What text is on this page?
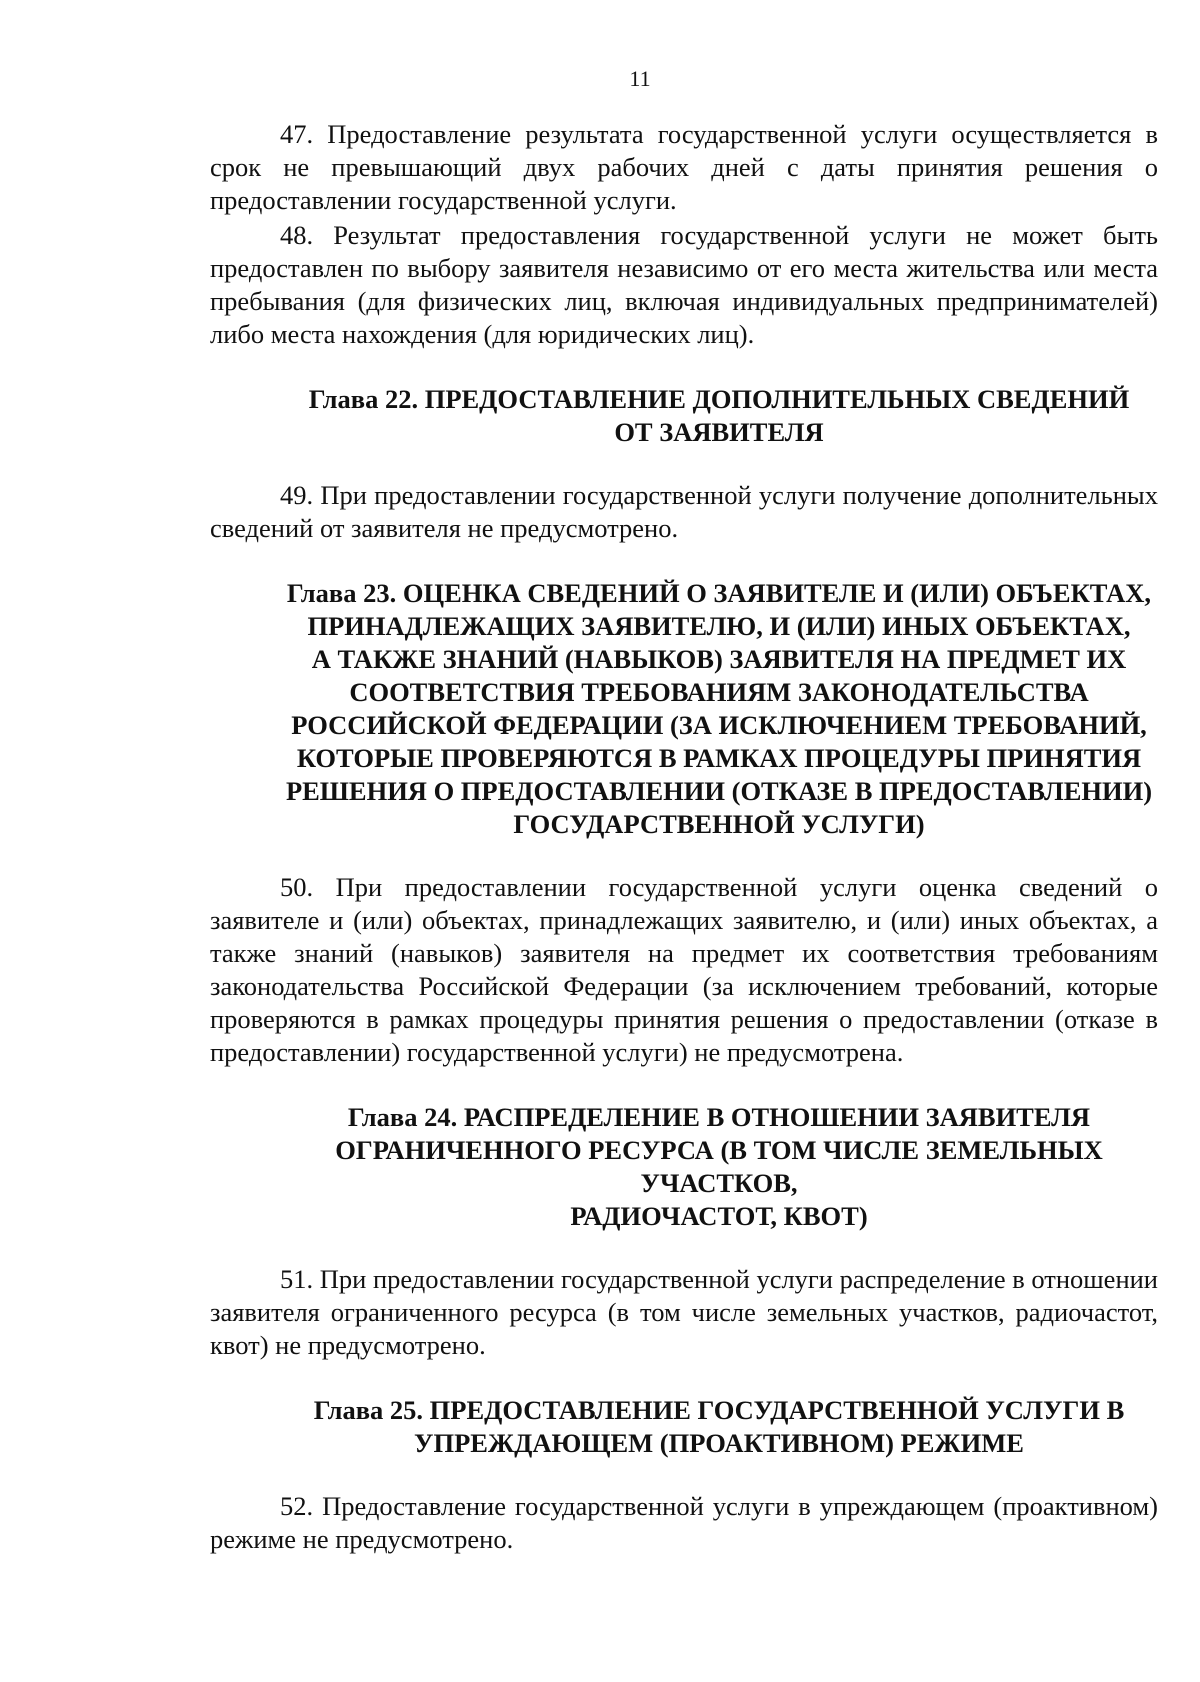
11

47. Предоставление результата государственной услуги осуществляется в срок не превышающий двух рабочих дней с даты принятия решения о предоставлении государственной услуги.

48. Результат предоставления государственной услуги не может быть предоставлен по выбору заявителя независимо от его места жительства или места пребывания (для физических лиц, включая индивидуальных предпринимателей) либо места нахождения (для юридических лиц).

Глава 22. ПРЕДОСТАВЛЕНИЕ ДОПОЛНИТЕЛЬНЫХ СВЕДЕНИЙ
ОТ ЗАЯВИТЕЛЯ

49. При предоставлении государственной услуги получение дополнительных сведений от заявителя не предусмотрено.

Глава 23. ОЦЕНКА СВЕДЕНИЙ О ЗАЯВИТЕЛЕ И (ИЛИ) ОБЪЕКТАХ,
ПРИНАДЛЕЖАЩИХ ЗАЯВИТЕЛЮ, И (ИЛИ) ИНЫХ ОБЪЕКТАХ,
А ТАКЖЕ ЗНАНИЙ (НАВЫКОВ) ЗАЯВИТЕЛЯ НА ПРЕДМЕТ ИХ
СООТВЕТСТВИЯ ТРЕБОВАНИЯМ ЗАКОНОДАТЕЛЬСТВА
РОССИЙСКОЙ ФЕДЕРАЦИИ (ЗА ИСКЛЮЧЕНИЕМ ТРЕБОВАНИЙ,
КОТОРЫЕ ПРОВЕРЯЮТСЯ В РАМКАХ ПРОЦЕДУРЫ ПРИНЯТИЯ
РЕШЕНИЯ О ПРЕДОСТАВЛЕНИИ (ОТКАЗЕ В ПРЕДОСТАВЛЕНИИ)
ГОСУДАРСТВЕННОЙ УСЛУГИ)

50. При предоставлении государственной услуги оценка сведений о заявителе и (или) объектах, принадлежащих заявителю, и (или) иных объектах, а также знаний (навыков) заявителя на предмет их соответствия требованиям законодательства Российской Федерации (за исключением требований, которые проверяются в рамках процедуры принятия решения о предоставлении (отказе в предоставлении) государственной услуги) не предусмотрена.

Глава 24. РАСПРЕДЕЛЕНИЕ В ОТНОШЕНИИ ЗАЯВИТЕЛЯ
ОГРАНИЧЕННОГО РЕСУРСА (В ТОМ ЧИСЛЕ ЗЕМЕЛЬНЫХ УЧАСТКОВ,
РАДИОЧАСТОТ, КВОТ)

51. При предоставлении государственной услуги распределение в отношении заявителя ограниченного ресурса (в том числе земельных участков, радиочастот, квот) не предусмотрено.

Глава 25. ПРЕДОСТАВЛЕНИЕ ГОСУДАРСТВЕННОЙ УСЛУГИ В
УПРЕЖДАЮЩЕМ (ПРОАКТИВНОМ) РЕЖИМЕ

52. Предоставление государственной услуги в упреждающем (проактивном) режиме не предусмотрено.
